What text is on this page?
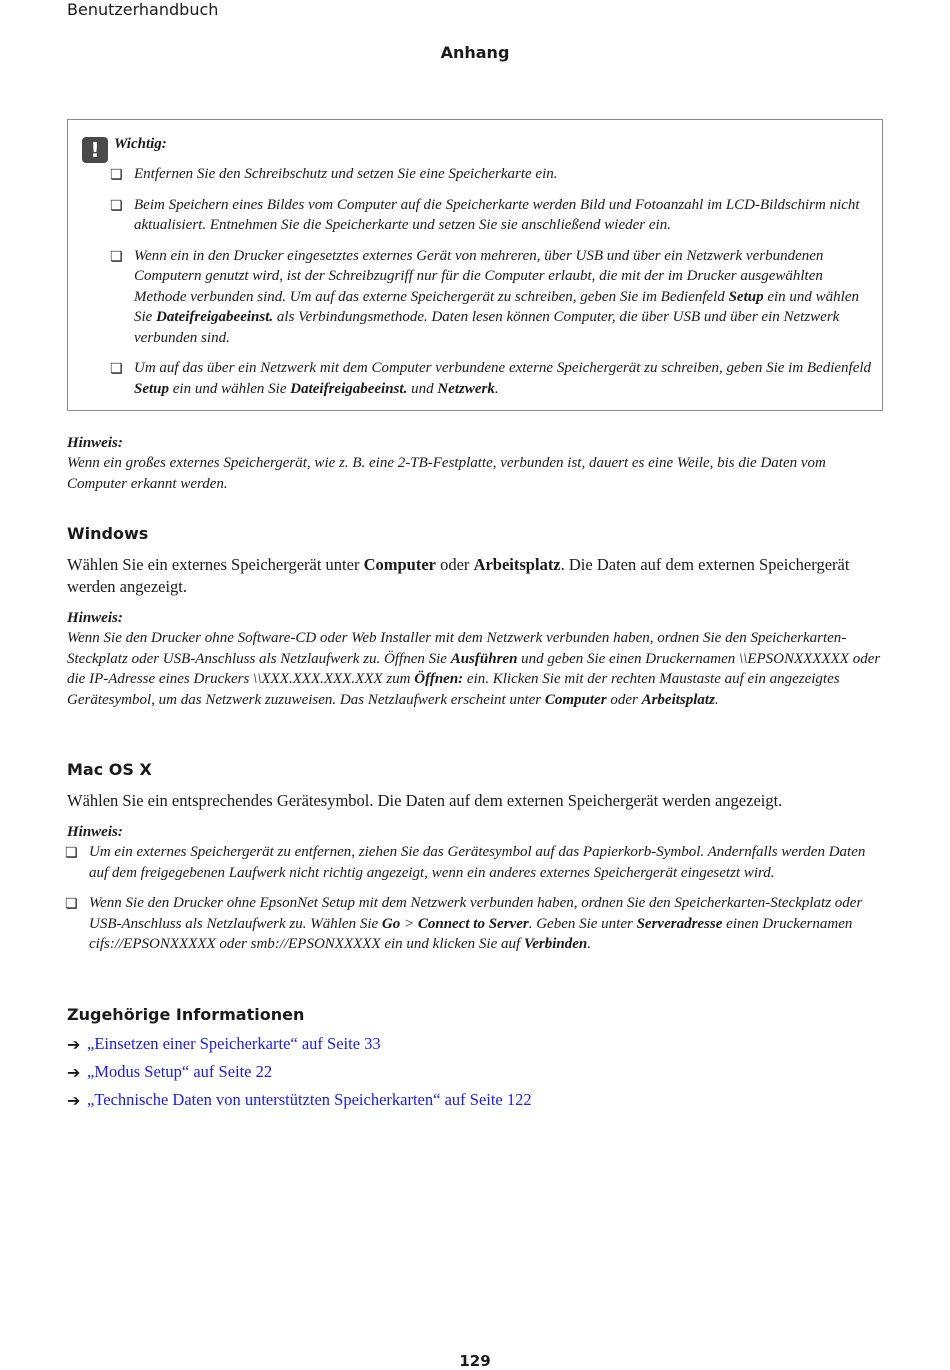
Benutzerhandbuch
Anhang
! Wichtig:
❏ Entfernen Sie den Schreibschutz und setzen Sie eine Speicherkarte ein.
❏ Beim Speichern eines Bildes vom Computer auf die Speicherkarte werden Bild und Fotoanzahl im LCD-Bildschirm nicht aktualisiert. Entnehmen Sie die Speicherkarte und setzen Sie sie anschließend wieder ein.
❏ Wenn ein in den Drucker eingesetztes externes Gerät von mehreren, über USB und über ein Netzwerk verbundenen Computern genutzt wird, ist der Schreibzugriff nur für die Computer erlaubt, die mit der im Drucker ausgewählten Methode verbunden sind. Um auf das externe Speichergerät zu schreiben, geben Sie im Bedienfeld Setup ein und wählen Sie Dateifreigabeeinst. als Verbindungsmethode. Daten lesen können Computer, die über USB und über ein Netzwerk verbunden sind.
❏ Um auf das über ein Netzwerk mit dem Computer verbundene externe Speichergerät zu schreiben, geben Sie im Bedienfeld Setup ein und wählen Sie Dateifreigabeeinst. und Netzwerk.
Hinweis:
Wenn ein großes externes Speichergerät, wie z. B. eine 2-TB-Festplatte, verbunden ist, dauert es eine Weile, bis die Daten vom Computer erkannt werden.
Windows
Wählen Sie ein externes Speichergerät unter Computer oder Arbeitsplatz. Die Daten auf dem externen Speichergerät werden angezeigt.
Hinweis:
Wenn Sie den Drucker ohne Software-CD oder Web Installer mit dem Netzwerk verbunden haben, ordnen Sie den Speicherkarten-Steckplatz oder USB-Anschluss als Netzlaufwerk zu. Öffnen Sie Ausführen und geben Sie einen Druckernamen \\EPSONXXXXXX oder die IP-Adresse eines Druckers \\XXX.XXX.XXX.XXX zum Öffnen: ein. Klicken Sie mit der rechten Maustaste auf ein angezeigtes Gerätesymbol, um das Netzwerk zuzuweisen. Das Netzlaufwerk erscheint unter Computer oder Arbeitsplatz.
Mac OS X
Wählen Sie ein entsprechendes Gerätesymbol. Die Daten auf dem externen Speichergerät werden angezeigt.
Hinweis:
❏ Um ein externes Speichergerät zu entfernen, ziehen Sie das Gerätesymbol auf das Papierkorb-Symbol. Andernfalls werden Daten auf dem freigegebenen Laufwerk nicht richtig angezeigt, wenn ein anderes externes Speichergerät eingesetzt wird.
❏ Wenn Sie den Drucker ohne EpsonNet Setup mit dem Netzwerk verbunden haben, ordnen Sie den Speicherkarten-Steckplatz oder USB-Anschluss als Netzlaufwerk zu. Wählen Sie Go > Connect to Server. Geben Sie unter Serveradresse einen Druckernamen cifs://EPSONXXXXX oder smb://EPSONXXXXX ein und klicken Sie auf Verbinden.
Zugehörige Informationen
➔ „Einsetzen einer Speicherkarte“ auf Seite 33
➔ „Modus Setup“ auf Seite 22
➔ „Technische Daten von unterstützten Speicherkarten“ auf Seite 122
129
